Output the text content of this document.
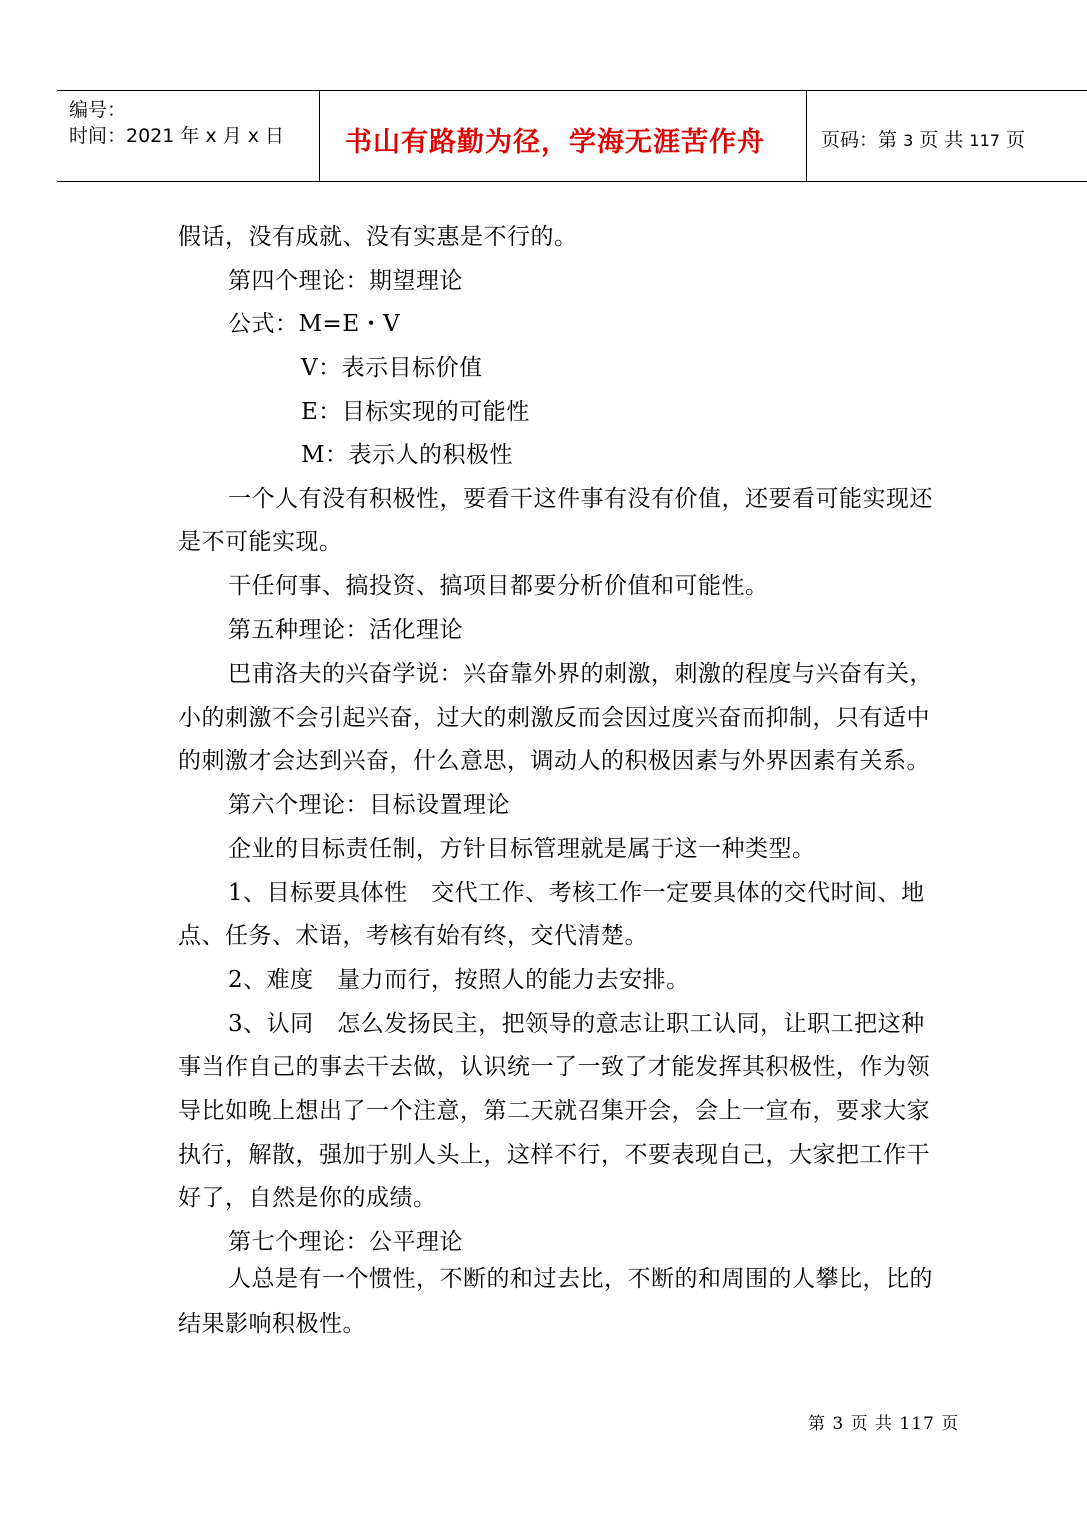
编号：
时间：2021 年 x 月 x 日 书山有路勤为径，学海无涯苦作舟	页码：第 3 页 共 117 页
假话，没有成就、没有实惠是不行的。
第四个理论：期望理论
公式：M=E・V
V：表示目标价值
E：目标实现的可能性
M：表示人的积极性
一个人有没有积极性，要看干这件事有没有价值，还要看可能实现还
是不可能实现。
干任何事、搞投资、搞项目都要分析价值和可能性。
第五种理论：活化理论
巴甫洛夫的兴奋学说：兴奋靠外界的刺激，刺激的程度与兴奋有关，
小的刺激不会引起兴奋，过大的刺激反而会因过度兴奋而抑制，只有适中
的刺激才会达到兴奋，什么意思，调动人的积极因素与外界因素有关系。
第六个理论：目标设置理论
企业的目标责任制，方针目标管理就是属于这一种类型。
1、目标要具体性　交代工作、考核工作一定要具体的交代时间、地
点、任务、术语，考核有始有终，交代清楚。
2、难度　量力而行，按照人的能力去安排。
3、认同　怎么发扬民主，把领导的意志让职工认同，让职工把这种
事当作自己的事去干去做，认识统一了一致了才能发挥其积极性，作为领
导比如晚上想出了一个注意，第二天就召集开会，会上一宣布，要求大家
执行，解散，强加于别人头上，这样不行，不要表现自己，大家把工作干
好了，自然是你的成绩。
第七个理论：公平理论
人总是有一个惯性，不断的和过去比，不断的和周围的人攀比，比的
结果影响积极性。
第 3 页 共 117 页
